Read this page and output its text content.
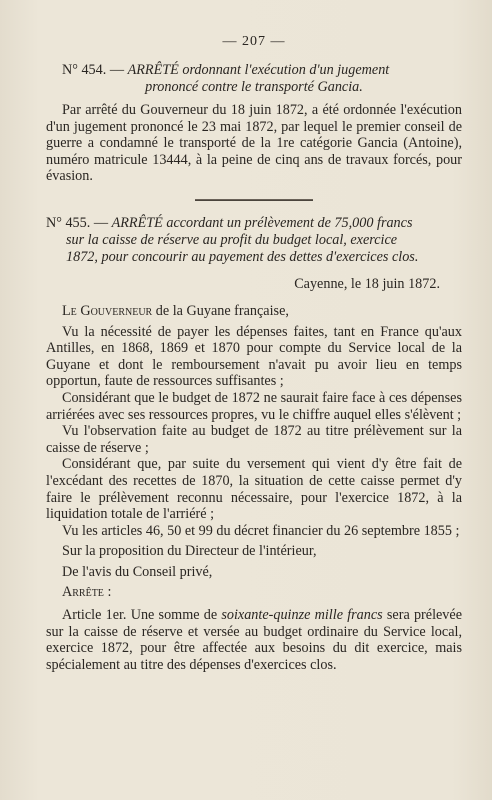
— 207 —

N° 454. — ARRÊTÉ ordonnant l'exécution d'un jugement
prononcé contre le transporté Gancia.

Par arrêté du Gouverneur du 18 juin 1872, a été ordonnée l'exécution d'un jugement prononcé le 23 mai 1872, par lequel le premier conseil de guerre a condamné le transporté de la 1re catégorie Gancia (Antoine), numéro matricule 13444, à la peine de cinq ans de travaux forcés, pour évasion.

N° 455. — ARRÊTÉ accordant un prélèvement de 75,000 francs
sur la caisse de réserve au profit du budget local, exercice
1872, pour concourir au payement des dettes d'exercices clos.

Cayenne, le 18 juin 1872.

Le Gouverneur de la Guyane française,

Vu la nécessité de payer les dépenses faites, tant en France qu'aux Antilles, en 1868, 1869 et 1870 pour compte du Service local de la Guyane et dont le remboursement n'avait pu avoir lieu en temps opportun, faute de ressources suffisantes ;

Considérant que le budget de 1872 ne saurait faire face à ces dépenses arriérées avec ses ressources propres, vu le chiffre auquel elles s'élèvent ;

Vu l'observation faite au budget de 1872 au titre prélèvement sur la caisse de réserve ;

Considérant que, par suite du versement qui vient d'y être fait de l'excédant des recettes de 1870, la situation de cette caisse permet d'y faire le prélèvement reconnu nécessaire, pour l'exercice 1872, à la liquidation totale de l'arriéré ;

Vu les articles 46, 50 et 99 du décret financier du 26 septembre 1855 ;

Sur la proposition du Directeur de l'intérieur,

De l'avis du Conseil privé,

Arrête :

Article 1er. Une somme de soixante-quinze mille francs sera prélevée sur la caisse de réserve et versée au budget ordinaire du Service local, exercice 1872, pour être affectée aux besoins du dit exercice, mais spécialement au titre des dépenses d'exercices clos.
